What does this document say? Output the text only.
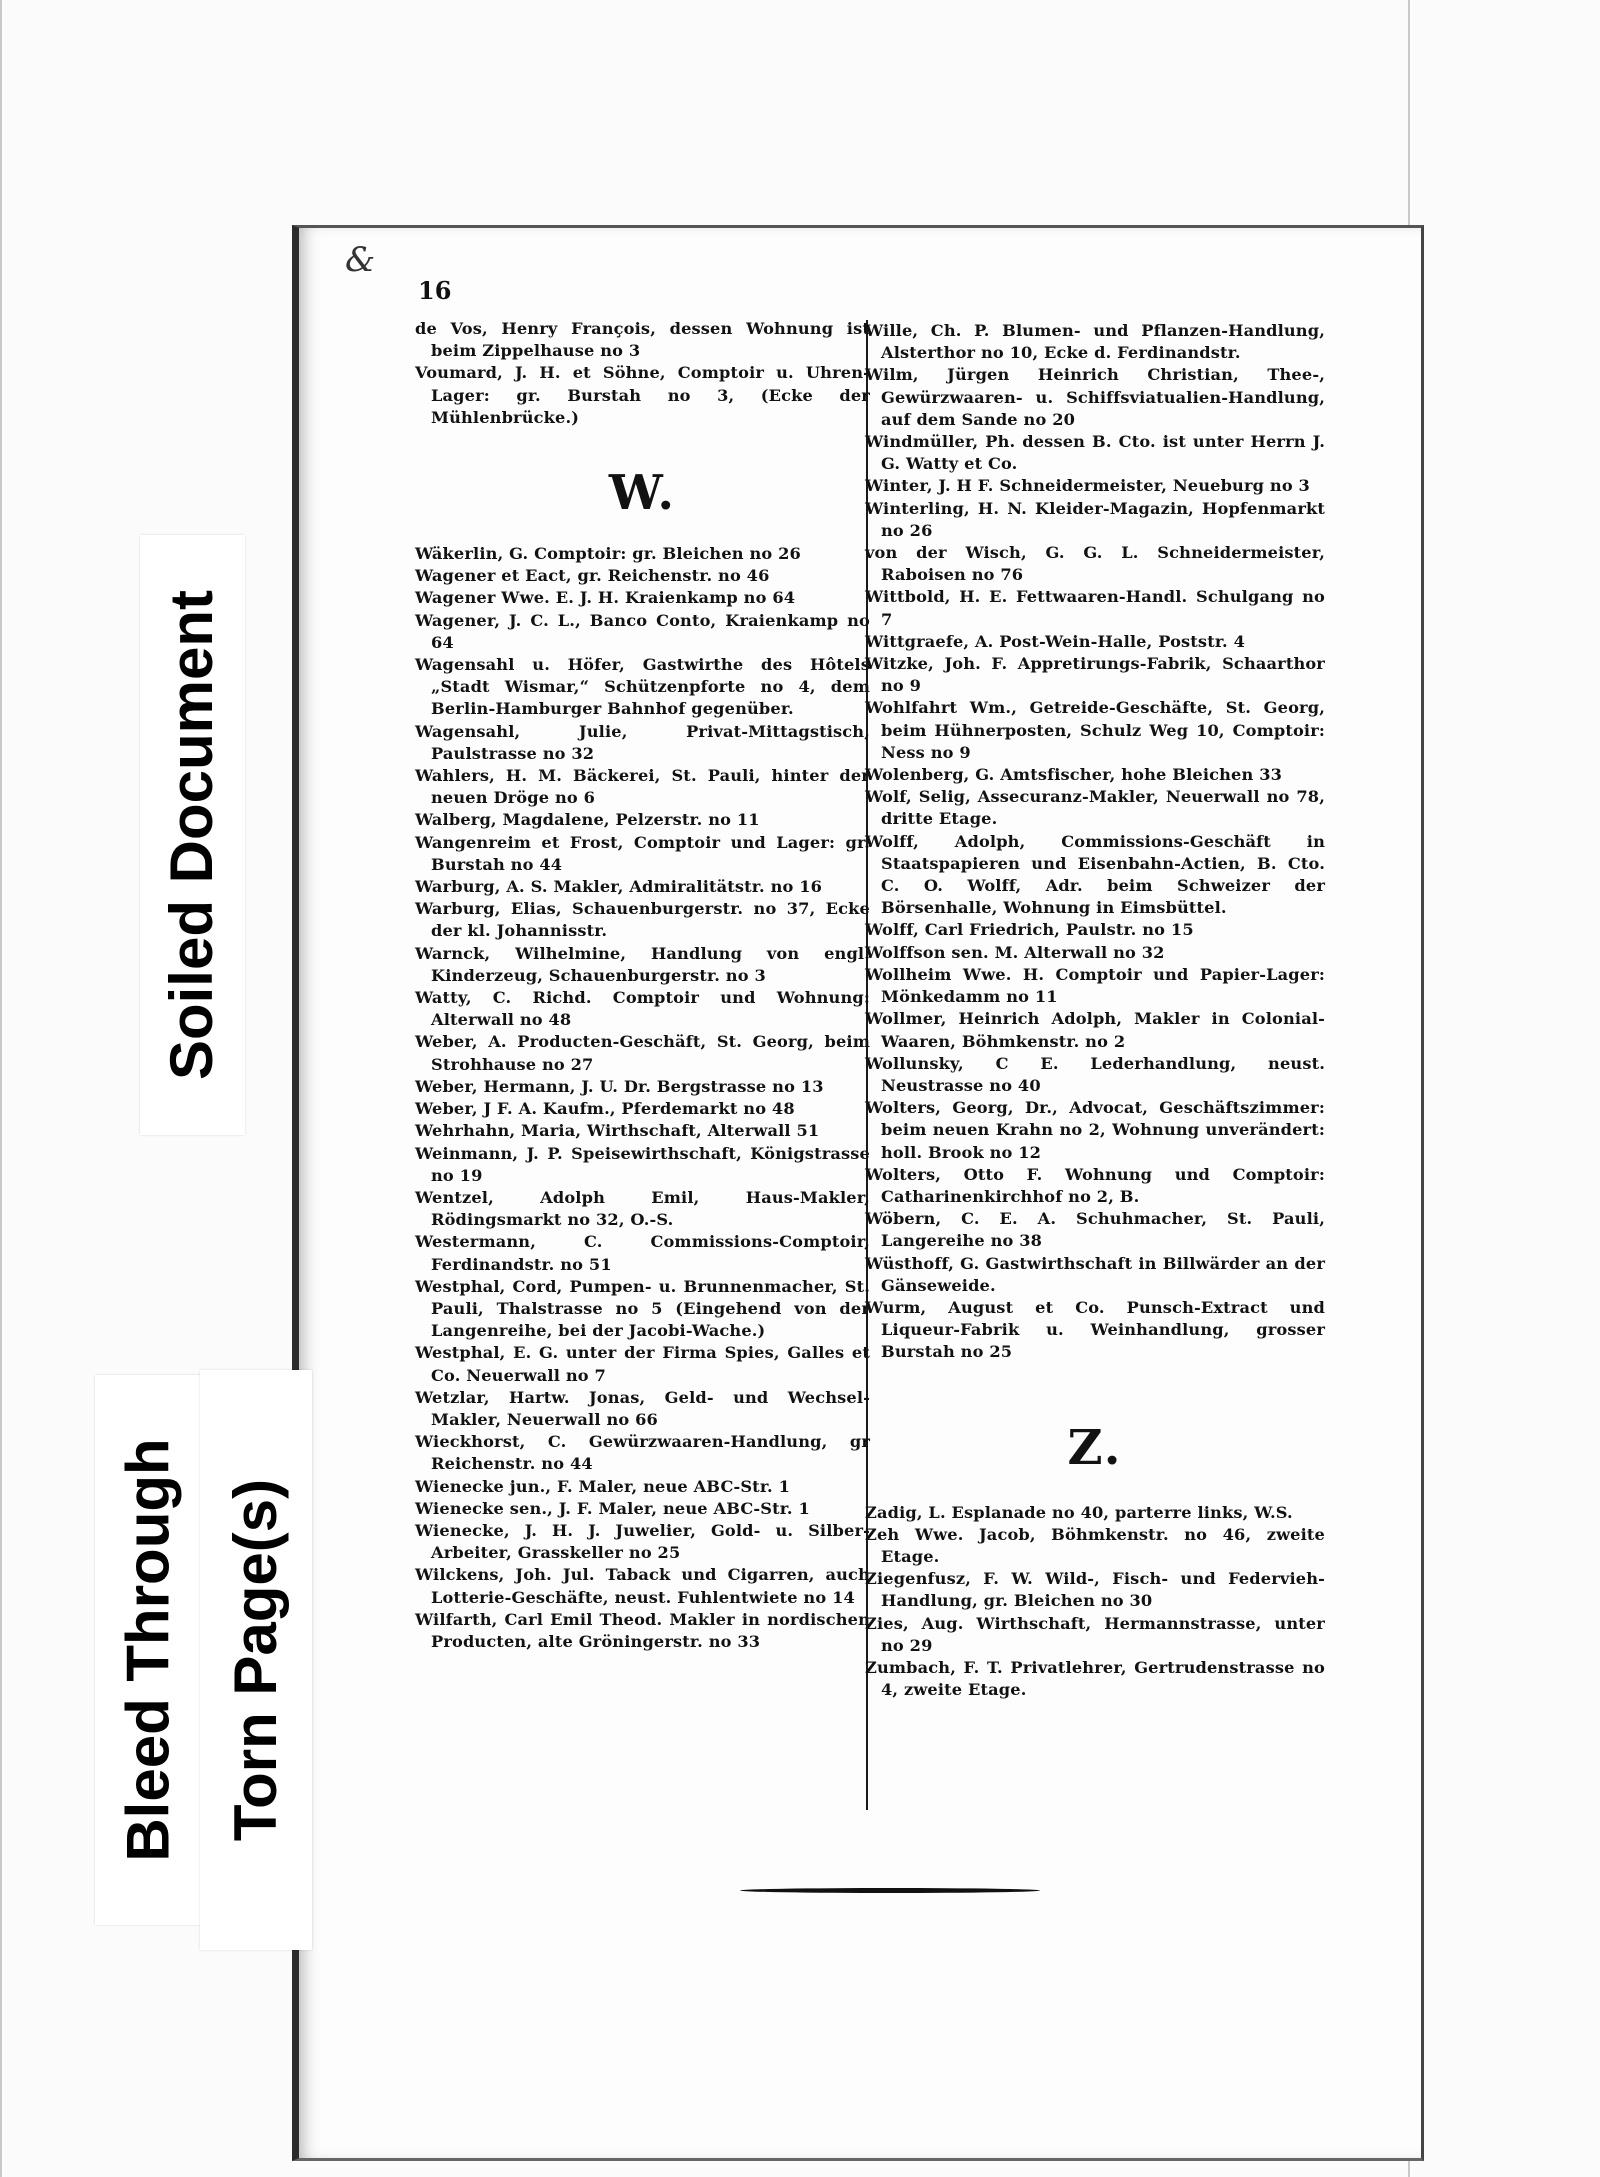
&
16

de Vos, Henry François, dessen Wohnung ist beim Zippelhause no 3

Voumard, J. H. et Söhne, Comptoir u. Uhren-Lager: gr. Burstah no 3, (Ecke der Mühlenbrücke.)

W.

Wäkerlin, G. Comptoir: gr. Bleichen no 26

Wagener et Eact, gr. Reichenstr. no 46

Wagener Wwe. E. J. H. Kraienkamp no 64

Wagener, J. C. L., Banco Conto, Kraienkamp no 64

Wagensahl u. Höfer, Gastwirthe des Hôtels „Stadt Wismar,“ Schützenpforte no 4, dem Berlin-Hamburger Bahnhof gegenüber.

Wagensahl, Julie, Privat-Mittagstisch, Paulstrasse no 32

Wahlers, H. M. Bäckerei, St. Pauli, hinter der neuen Dröge no 6

Walberg, Magdalene, Pelzerstr. no 11

Wangenreim et Frost, Comptoir und Lager: gr. Burstah no 44

Warburg, A. S. Makler, Admiralitätstr. no 16

Warburg, Elias, Schauenburgerstr. no 37, Ecke der kl. Johannisstr.

Warnck, Wilhelmine, Handlung von engl. Kinderzeug, Schauenburgerstr. no 3

Watty, C. Richd. Comptoir und Wohnung: Alterwall no 48

Weber, A. Producten-Geschäft, St. Georg, beim Strohhause no 27

Weber, Hermann, J. U. Dr. Bergstrasse no 13

Weber, J F. A. Kaufm., Pferdemarkt no 48

Wehrhahn, Maria, Wirthschaft, Alterwall 51

Weinmann, J. P. Speisewirthschaft, Königstrasse no 19

Wentzel, Adolph Emil, Haus-Makler, Rödingsmarkt no 32, O.-S.

Westermann, C. Commissions-Comptoir, Ferdinandstr. no 51

Westphal, Cord, Pumpen- u. Brunnenmacher, St. Pauli, Thalstrasse no 5 (Eingehend von der Langenreihe, bei der Jacobi-Wache.)

Westphal, E. G. unter der Firma Spies, Galles et Co. Neuerwall no 7

Wetzlar, Hartw. Jonas, Geld- und Wechsel-Makler, Neuerwall no 66

Wieckhorst, C. Gewürzwaaren-Handlung, gr Reichenstr. no 44

Wienecke jun., F. Maler, neue ABC-Str. 1

Wienecke sen., J. F. Maler, neue ABC-Str. 1

Wienecke, J. H. J. Juwelier, Gold- u. Silber-Arbeiter, Grasskeller no 25

Wilckens, Joh. Jul. Taback und Cigarren, auch Lotterie-Geschäfte, neust. Fuhlentwiete no 14

Wilfarth, Carl Emil Theod. Makler in nordischen Producten, alte Gröningerstr. no 33

Wille, Ch. P. Blumen- und Pflanzen-Handlung, Alsterthor no 10, Ecke d. Ferdinandstr.

Wilm, Jürgen Heinrich Christian, Thee-, Gewürzwaaren- u. Schiffsviatualien-Handlung, auf dem Sande no 20

Windmüller, Ph. dessen B. Cto. ist unter Herrn J. G. Watty et Co.

Winter, J. H F. Schneidermeister, Neueburg no 3

Winterling, H. N. Kleider-Magazin, Hopfenmarkt no 26

von der Wisch, G. G. L. Schneidermeister, Raboisen no 76

Wittbold, H. E. Fettwaaren-Handl. Schulgang no 7

Wittgraefe, A. Post-Wein-Halle, Poststr. 4

Witzke, Joh. F. Appretirungs-Fabrik, Schaarthor no 9

Wohlfahrt Wm., Getreide-Geschäfte, St. Georg, beim Hühnerposten, Schulz Weg 10, Comptoir: Ness no 9

Wolenberg, G. Amtsfischer, hohe Bleichen 33

Wolf, Selig, Assecuranz-Makler, Neuerwall no 78, dritte Etage.

Wolff, Adolph, Commissions-Geschäft in Staatspapieren und Eisenbahn-Actien, B. Cto. C. O. Wolff, Adr. beim Schweizer der Börsenhalle, Wohnung in Eimsbüttel.

Wolff, Carl Friedrich, Paulstr. no 15

Wolffson sen. M. Alterwall no 32

Wollheim Wwe. H. Comptoir und Papier-Lager: Mönkedamm no 11

Wollmer, Heinrich Adolph, Makler in Colonial-Waaren, Böhmkenstr. no 2

Wollunsky, C E. Lederhandlung, neust. Neustrasse no 40

Wolters, Georg, Dr., Advocat, Geschäftszimmer: beim neuen Krahn no 2, Wohnung unverändert: holl. Brook no 12

Wolters, Otto F. Wohnung und Comptoir: Catharinenkirchhof no 2, B.

Wöbern, C. E. A. Schuhmacher, St. Pauli, Langereihe no 38

Wüsthoff, G. Gastwirthschaft in Billwärder an der Gänseweide.

Wurm, August et Co. Punsch-Extract und Liqueur-Fabrik u. Weinhandlung, grosser Burstah no 25

Z.

Zadig, L. Esplanade no 40, parterre links, W.S.

Zeh Wwe. Jacob, Böhmkenstr. no 46, zweite Etage.

Ziegenfusz, F. W. Wild-, Fisch- und Federvieh-Handlung, gr. Bleichen no 30

Zies, Aug. Wirthschaft, Hermannstrasse, unter no 29

Zumbach, F. T. Privatlehrer, Gertrudenstrasse no 4, zweite Etage.

Soiled Document
Bleed Through Torn Page(s)
